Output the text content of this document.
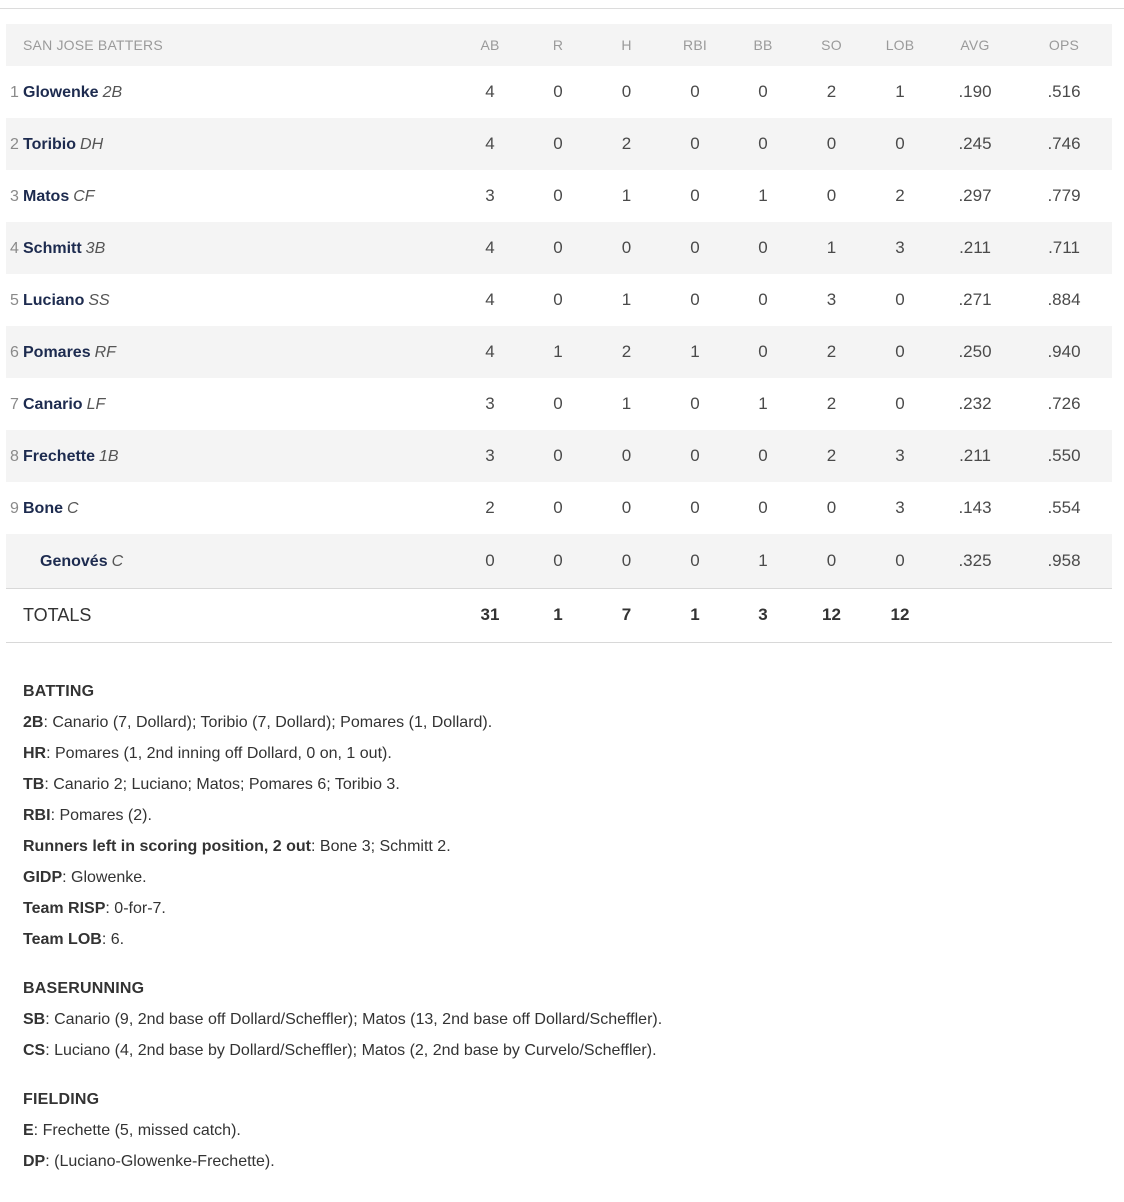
SAN JOSE BATTERS	AB	R	H	RBI	BB	SO	LOB	AVG	OPS
1 Glowenke 2B	4	0	0	0	0	2	1	.190	.516
2 Toribio DH	4	0	2	0	0	0	0	.245	.746
3 Matos CF	3	0	1	0	1	0	2	.297	.779
4 Schmitt 3B	4	0	0	0	0	1	3	.211	.711
5 Luciano SS	4	0	1	0	0	3	0	.271	.884
6 Pomares RF	4	1	2	1	0	2	0	.250	.940
7 Canario LF	3	0	1	0	1	2	0	.232	.726
8 Frechette 1B	3	0	0	0	0	2	3	.211	.550
9 Bone C	2	0	0	0	0	0	3	.143	.554
Genovés C	0	0	0	0	1	0	0	.325	.958
TOTALS	31	1	7	1	3	12	12		
BATTING
2B: Canario (7, Dollard); Toribio (7, Dollard); Pomares (1, Dollard).
HR: Pomares (1, 2nd inning off Dollard, 0 on, 1 out).
TB: Canario 2; Luciano; Matos; Pomares 6; Toribio 3.
RBI: Pomares (2).
Runners left in scoring position, 2 out: Bone 3; Schmitt 2.
GIDP: Glowenke.
Team RISP: 0-for-7.
Team LOB: 6.
BASERUNNING
SB: Canario (9, 2nd base off Dollard/Scheffler); Matos (13, 2nd base off Dollard/Scheffler).
CS: Luciano (4, 2nd base by Dollard/Scheffler); Matos (2, 2nd base by Curvelo/Scheffler).
FIELDING
E: Frechette (5, missed catch).
DP: (Luciano-Glowenke-Frechette).
